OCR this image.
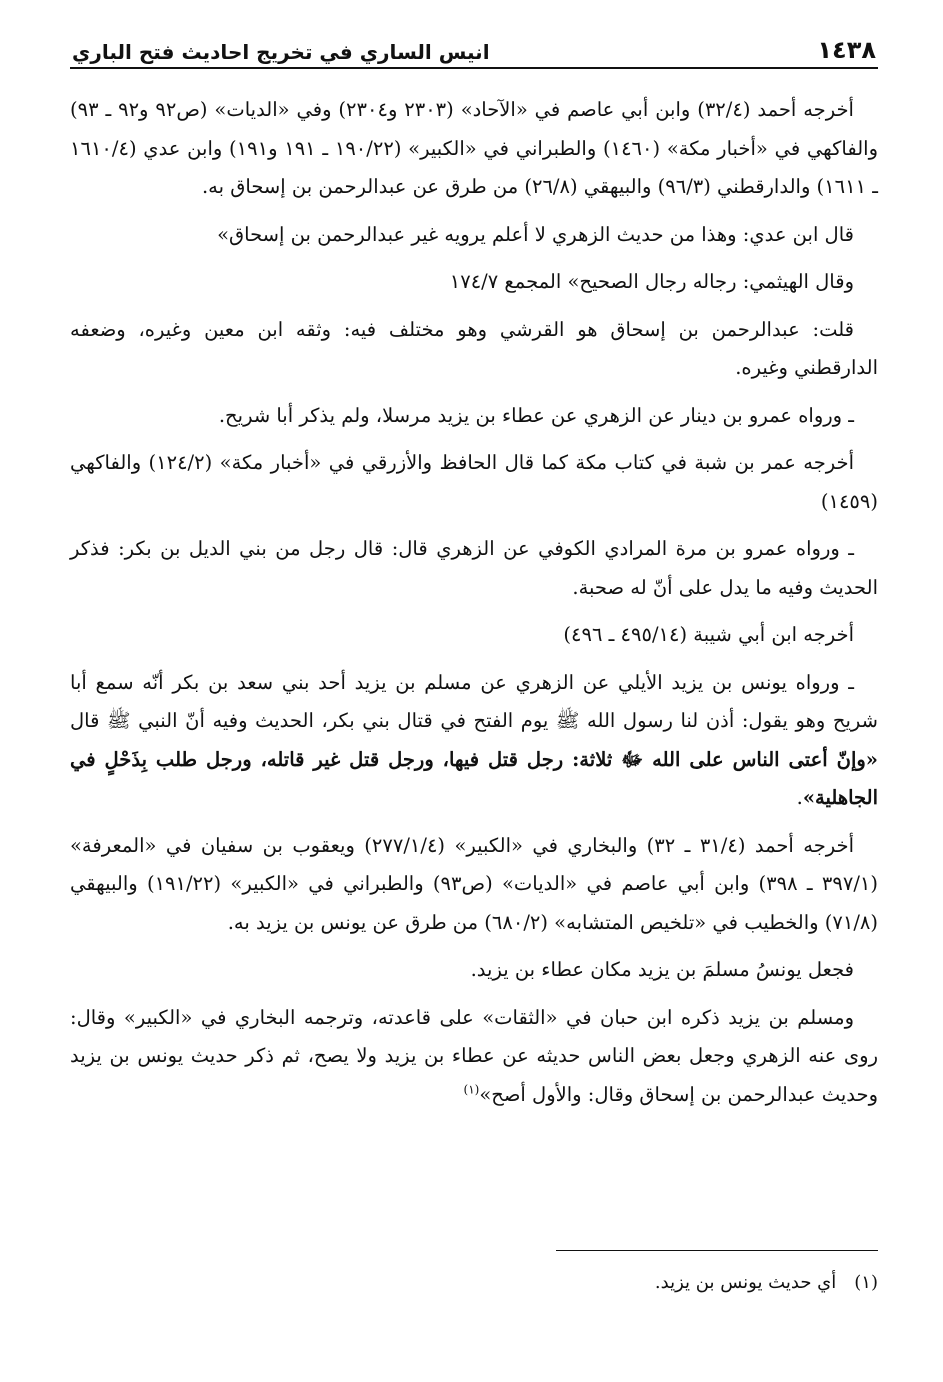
١٤٣٨
انيس الساري في تخريج احاديث فتح الباري

أخرجه أحمد (٣٢/٤) وابن أبي عاصم في «الآحاد» (٢٣٠٣ و٢٣٠٤) وفي «الديات» (ص٩٢ و٩٢ ـ ٩٣) والفاكهي في «أخبار مكة» (١٤٦٠) والطبراني في «الكبير» (١٩٠/٢٢ ـ ١٩١ و١٩١) وابن عدي (١٦١٠/٤ ـ ١٦١١) والدارقطني (٩٦/٣) والبيهقي (٢٦/٨) من طرق عن عبدالرحمن بن إسحاق به.

قال ابن عدي: وهذا من حديث الزهري لا أعلم يرويه غير عبدالرحمن بن إسحاق»

وقال الهيثمي: رجاله رجال الصحيح» المجمع ١٧٤/٧

قلت: عبدالرحمن بن إسحاق هو القرشي وهو مختلف فيه: وثقه ابن معين وغيره، وضعفه الدارقطني وغيره.

ـ ورواه عمرو بن دينار عن الزهري عن عطاء بن يزيد مرسلا، ولم يذكر أبا شريح.

أخرجه عمر بن شبة في كتاب مكة كما قال الحافظ والأزرقي في «أخبار مكة» (١٢٤/٢) والفاكهي (١٤٥٩)

ـ ورواه عمرو بن مرة المرادي الكوفي عن الزهري قال: قال رجل من بني الديل بن بكر: فذكر الحديث وفيه ما يدل على أنّ له صحبة.

أخرجه ابن أبي شيبة (٤٩٥/١٤ ـ ٤٩٦)

ـ ورواه يونس بن يزيد الأيلي عن الزهري عن مسلم بن يزيد أحد بني سعد بن بكر أنّه سمع أبا شريح وهو يقول: أذن لنا رسول الله ﷺ يوم الفتح في قتال بني بكر، الحديث وفيه أنّ النبي ﷺ قال «وإنّ أعتى الناس على الله ﷻ ثلاثة: رجل قتل فيها، ورجل قتل غير قاتله، ورجل طلب بِذَحْلٍ في الجاهلية».

أخرجه أحمد (٣١/٤ ـ ٣٢) والبخاري في «الكبير» (٢٧٧/١/٤) ويعقوب بن سفيان في «المعرفة» (٣٩٧/١ ـ ٣٩٨) وابن أبي عاصم في «الديات» (ص٩٣) والطبراني في «الكبير» (١٩١/٢٢) والبيهقي (٧١/٨) والخطيب في «تلخيص المتشابه» (٦٨٠/٢) من طرق عن يونس بن يزيد به.

فجعل يونسُ مسلمَ بن يزيد مكان عطاء بن يزيد.

ومسلم بن يزيد ذكره ابن حبان في «الثقات» على قاعدته، وترجمه البخاري في «الكبير» وقال: روى عنه الزهري وجعل بعض الناس حديثه عن عطاء بن يزيد ولا يصح، ثم ذكر حديث يونس بن يزيد وحديث عبدالرحمن بن إسحاق وقال: والأول أصح»$^{(١)}$

(١)
أي حديث يونس بن يزيد.
